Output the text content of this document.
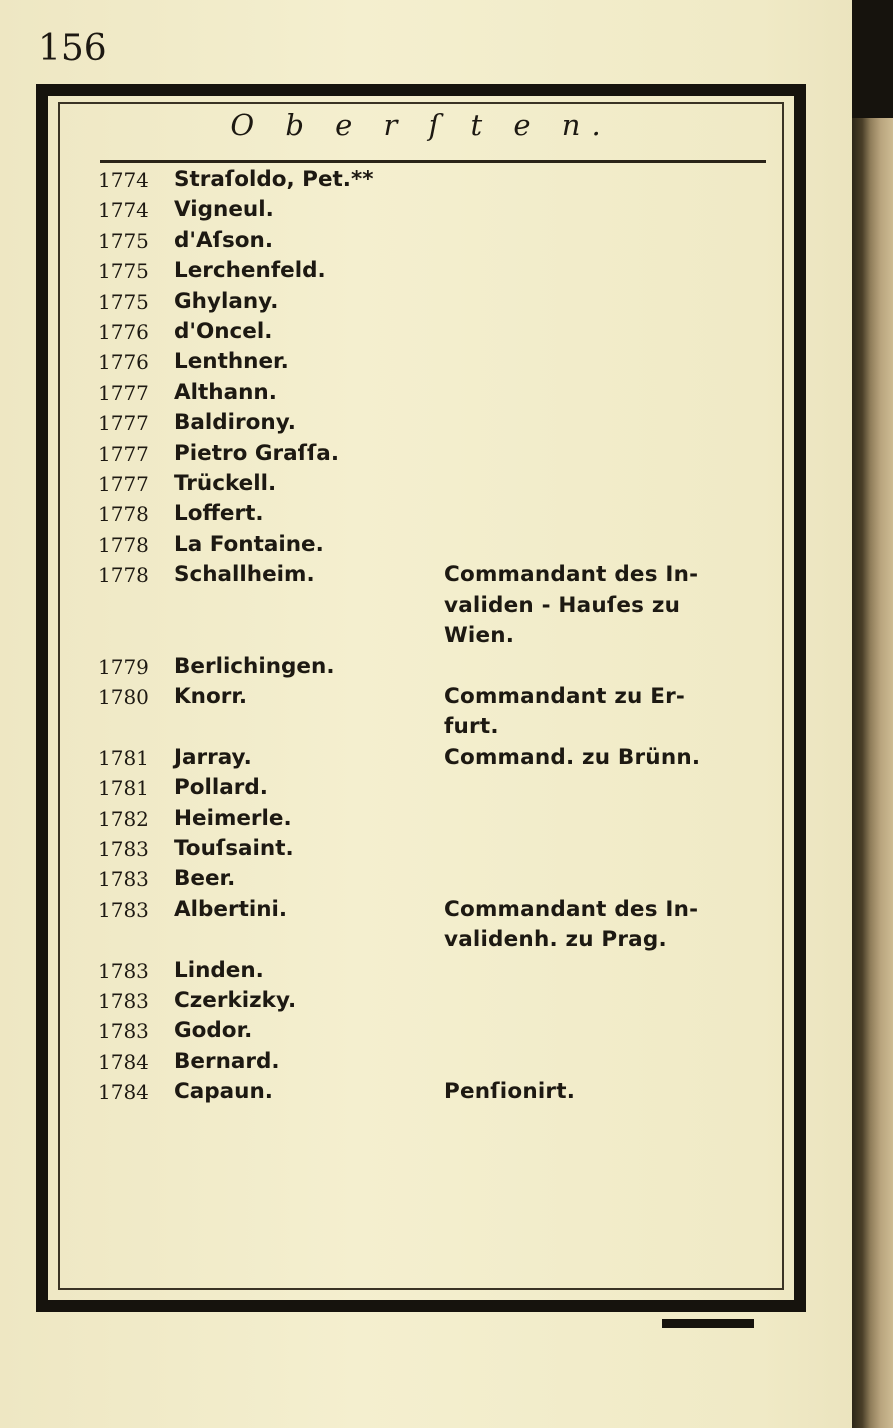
156
O b e r ſ t e n.
1774	Straſoldo, Pet.**
1774	Vigneul.
1775	d'Aſson.
1775	Lerchenfeld.
1775	Ghylany.
1776	d'Oncel.
1776	Lenthner.
1777	Althann.
1777	Baldirony.
1777	Pietro Graſſa.
1777	Trückell.
1778	Loffert.
1778	La Fontaine.
1778	Schallheim.	Commandant des In-
validen - Hauſes zu
Wien.
1779	Berlichingen.
1780	Knorr.	Commandant zu Er-
furt.
1781	Jarray.	Command. zu Brünn.
1781	Pollard.
1782	Heimerle.
1783	Touſsaint.
1783	Beer.
1783	Albertini.	Commandant des In-
validenh. zu Prag.
1783	Linden.
1783	Czerkizky.
1783	Godor.
1784	Bernard.
1784	Capaun.	Penſionirt.
